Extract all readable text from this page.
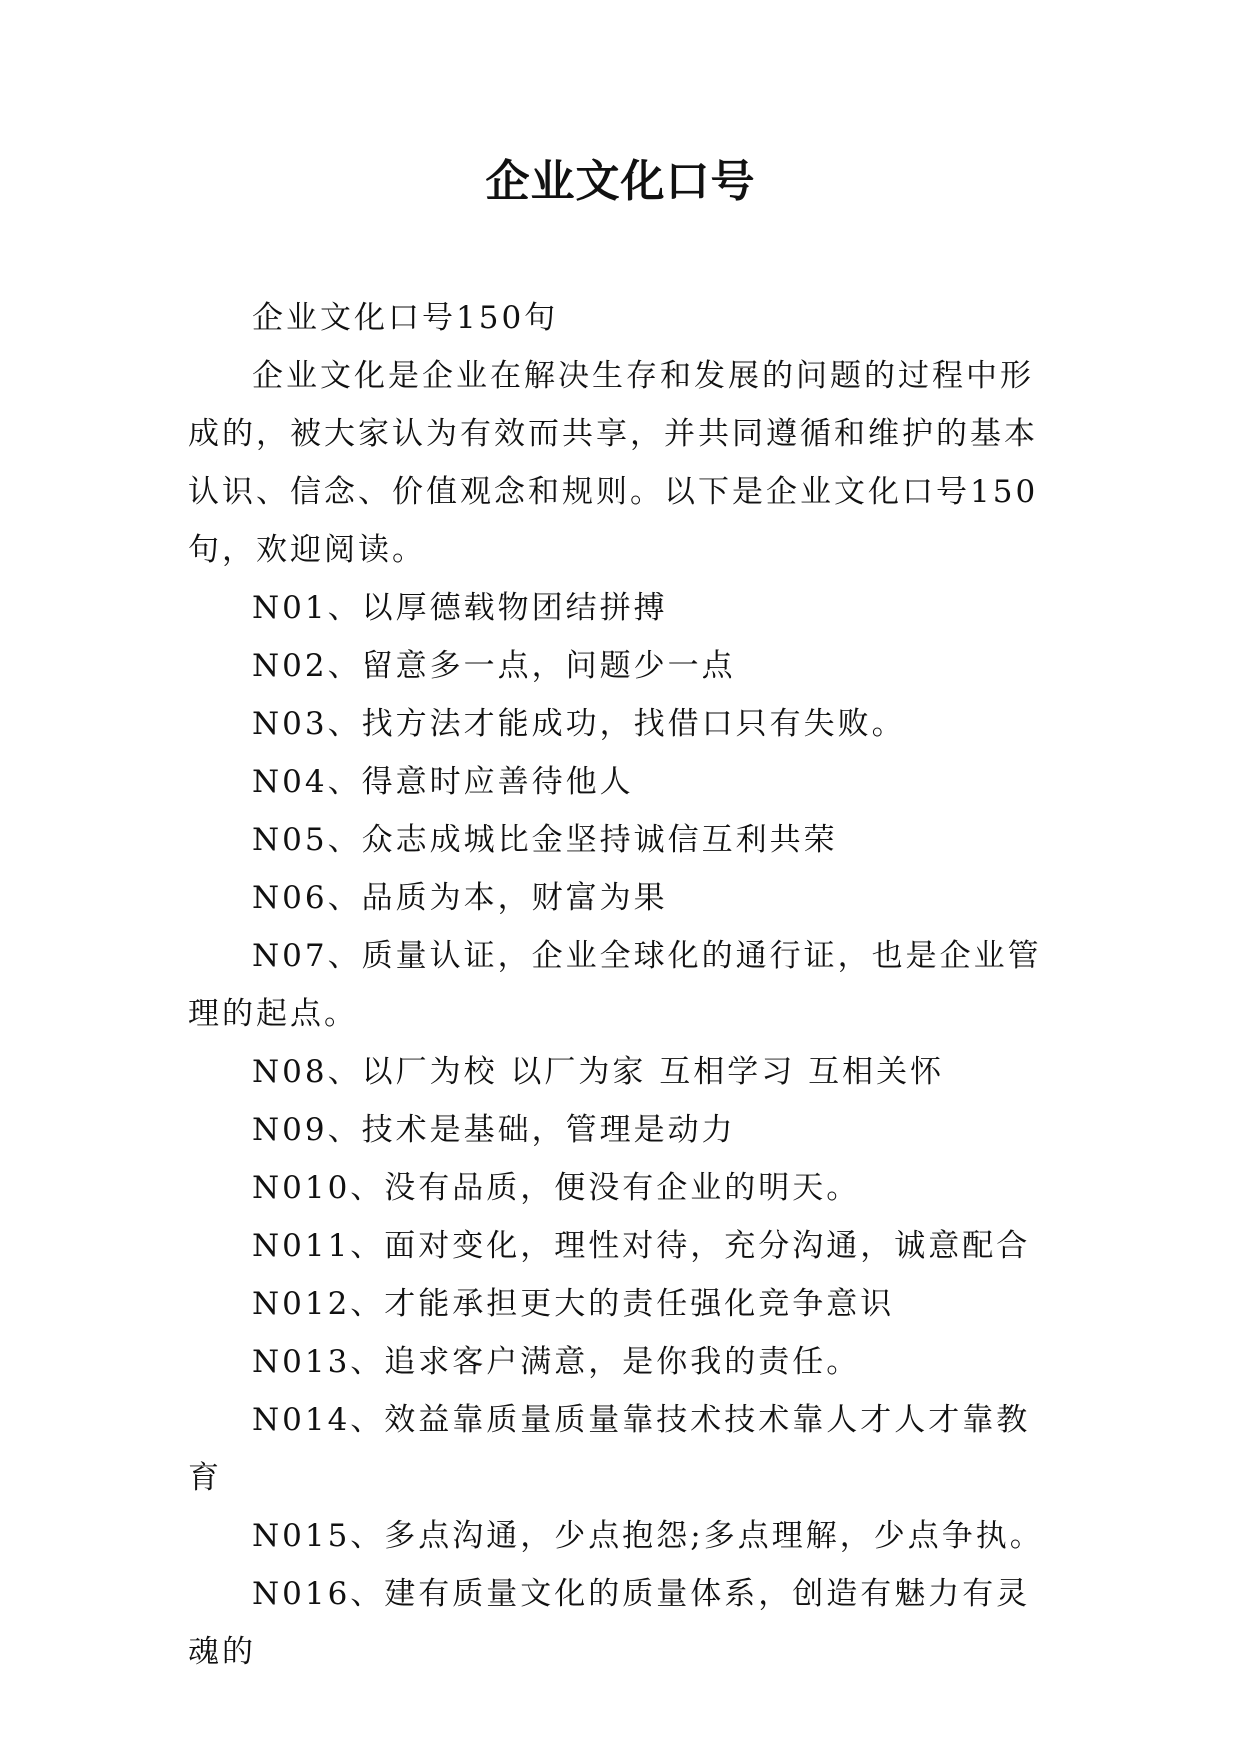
企业文化口号

企业文化口号150句

企业文化是企业在解决生存和发展的问题的过程中形成的，被大家认为有效而共享，并共同遵循和维护的基本认识、信念、价值观念和规则。以下是企业文化口号150句，欢迎阅读。

N01、以厚德载物团结拼搏

N02、留意多一点，问题少一点

N03、找方法才能成功，找借口只有失败。

N04、得意时应善待他人

N05、众志成城比金坚持诚信互利共荣

N06、品质为本，财富为果

N07、质量认证，企业全球化的通行证，也是企业管理的起点。

N08、以厂为校 以厂为家 互相学习 互相关怀

N09、技术是基础，管理是动力

N010、没有品质，便没有企业的明天。

N011、面对变化，理性对待，充分沟通，诚意配合

N012、才能承担更大的责任强化竞争意识

N013、追求客户满意，是你我的责任。

N014、效益靠质量质量靠技术技术靠人才人才靠教育

N015、多点沟通，少点抱怨;多点理解，少点争执。

N016、建有质量文化的质量体系，创造有魅力有灵魂的
